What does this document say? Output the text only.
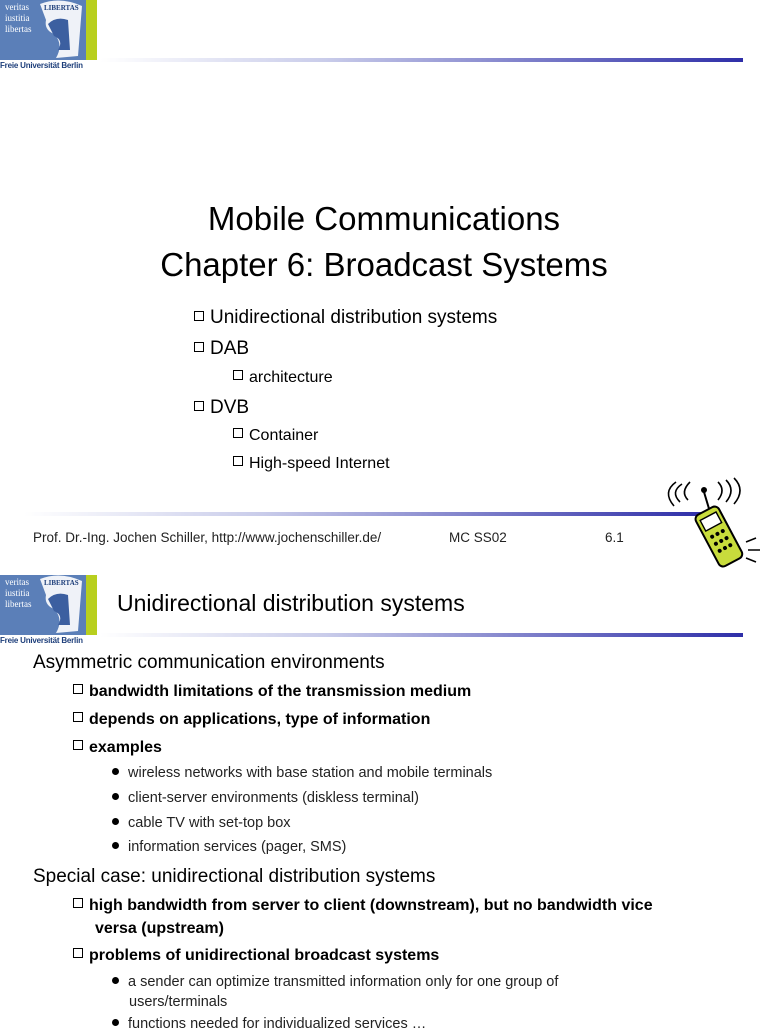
LIBERTAS
veritas
iustitia
libertas
Freie Universität Berlin
Mobile Communications
Chapter 6: Broadcast Systems
Unidirectional distribution systems
DAB
architecture
DVB
Container
High-speed Internet
Prof. Dr.-Ing. Jochen Schiller, http://www.jochenschiller.de/	MC SS02	6.1
LIBERTAS
veritas
iustitia
libertas
Freie Universität Berlin
Unidirectional distribution systems
Asymmetric communication environments
bandwidth limitations of the transmission medium
depends on applications, type of information
examples
wireless networks with base station and mobile terminals
client-server environments (diskless terminal)
cable TV with set-top box
information services (pager, SMS)
Special case: unidirectional distribution systems
high bandwidth from server to client (downstream), but no bandwidth vice
versa (upstream)
problems of unidirectional broadcast systems
a sender can optimize transmitted information only for one group of
users/terminals
functions needed for individualized services …
